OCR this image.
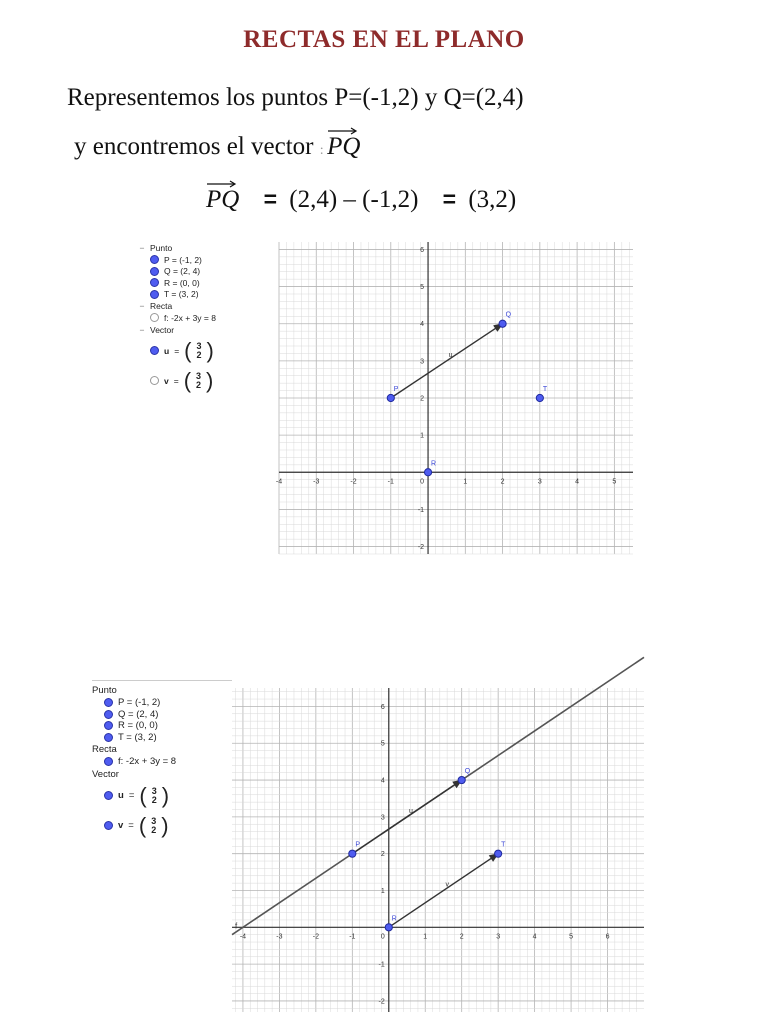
RECTAS EN EL PLANO
Representemos los puntos P=(-1,2) y Q=(2,4)
y encontremos el vector :
PQ
PQ = (2,4) – (-1,2) = (3,2)
− Punto
P = (-1, 2)
Q = (2, 4)
R = (0, 0)
T = (3, 2)
− Recta
f: -2x + 3y = 8
− Vector
u = ( 3
2 )
v = ( 3
2 )
-4	-3	-2	-1	0	1	2	3	4	5
-2
-1
1
2
3
4
5
6
u
P
Q
T
R
Punto
P = (-1, 2)
Q = (2, 4)
R = (0, 0)
T = (3, 2)
Recta
f: -2x + 3y = 8
Vector
u = ( 3
2 )
v = ( 3
2 )
-4	-3	-2	-1	0	1	2	3	4	5	6
-2
-1
1
2
3
4
5
6
f
u
v
P
Q
T
R
